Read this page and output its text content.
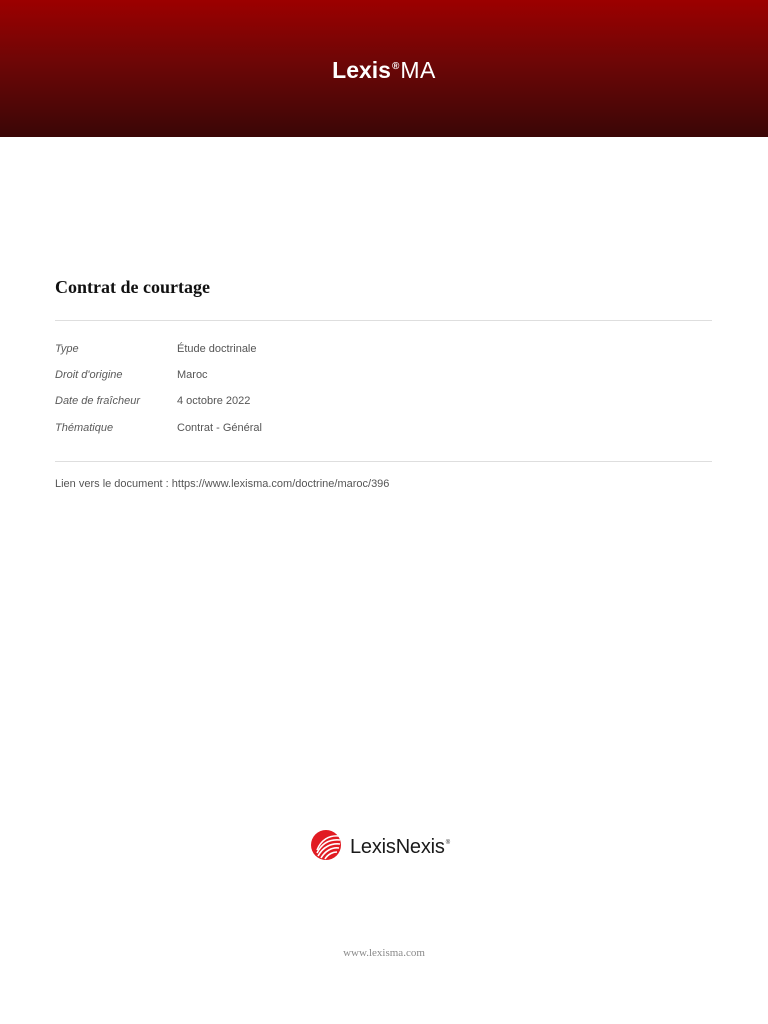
Lexis®MA
Contrat de courtage
Type	Étude doctrinale
Droit d'origine	Maroc
Date de fraîcheur	4 octobre 2022
Thématique	Contrat - Général
Lien vers le document : https://www.lexisma.com/doctrine/maroc/396
LexisNexis®
www.lexisma.com
